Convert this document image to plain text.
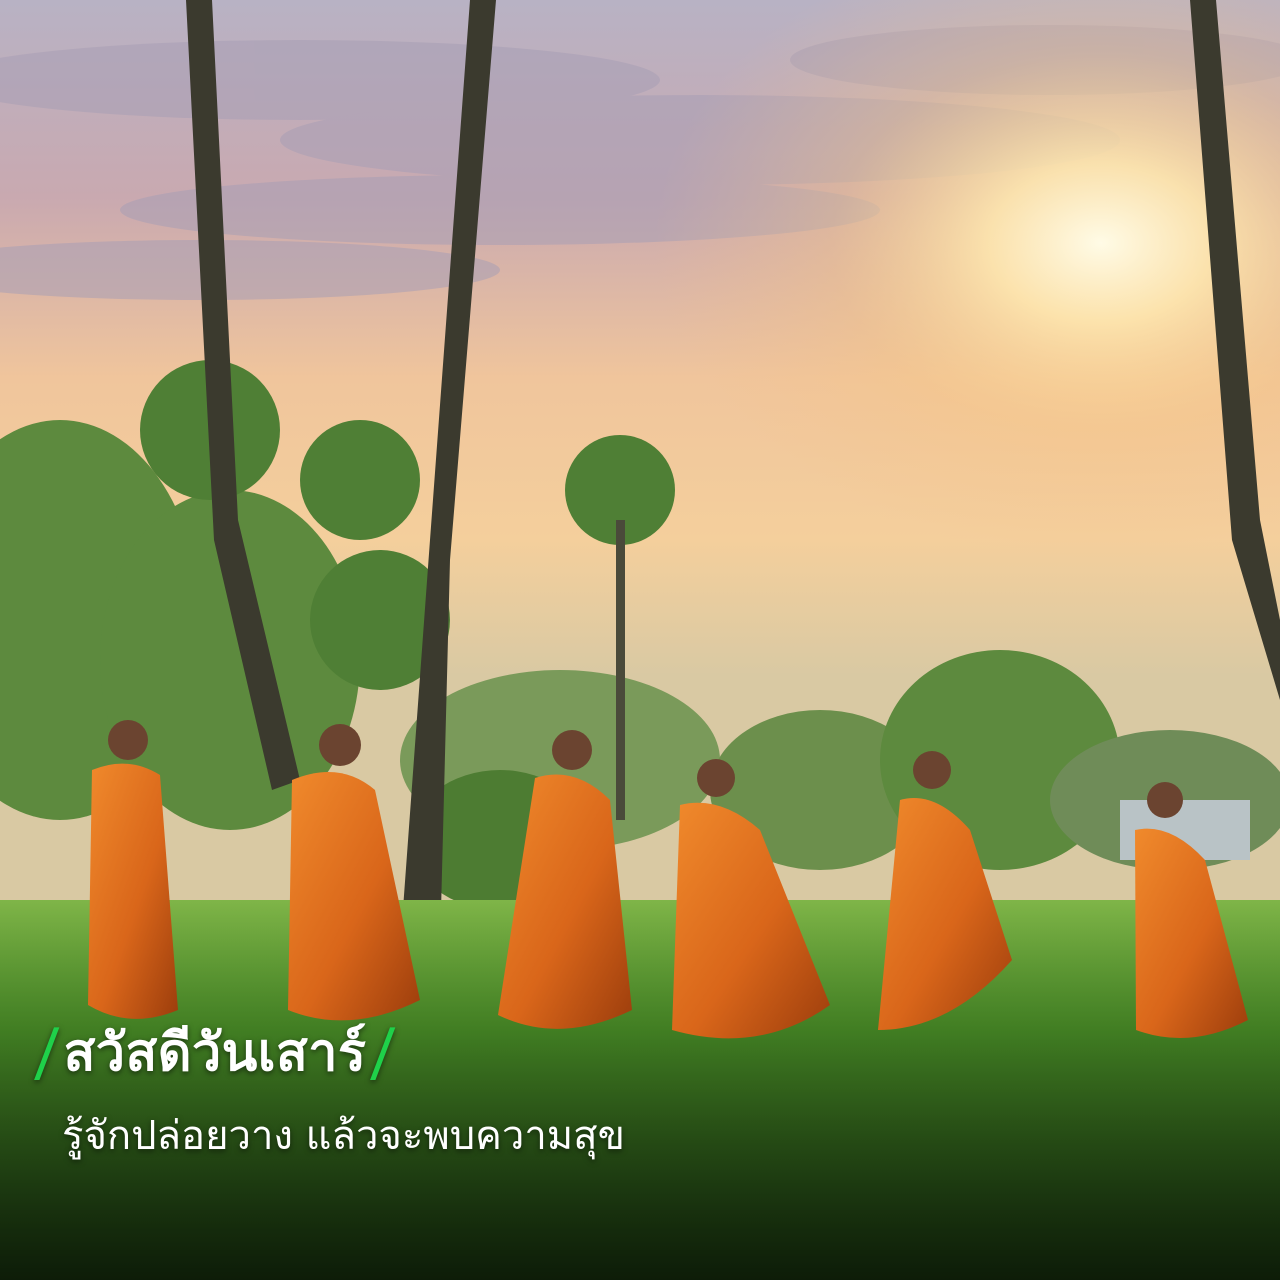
/ สวัสดีวันเสาร์ /
รู้จักปล่อยวาง แล้วจะพบความสุข
